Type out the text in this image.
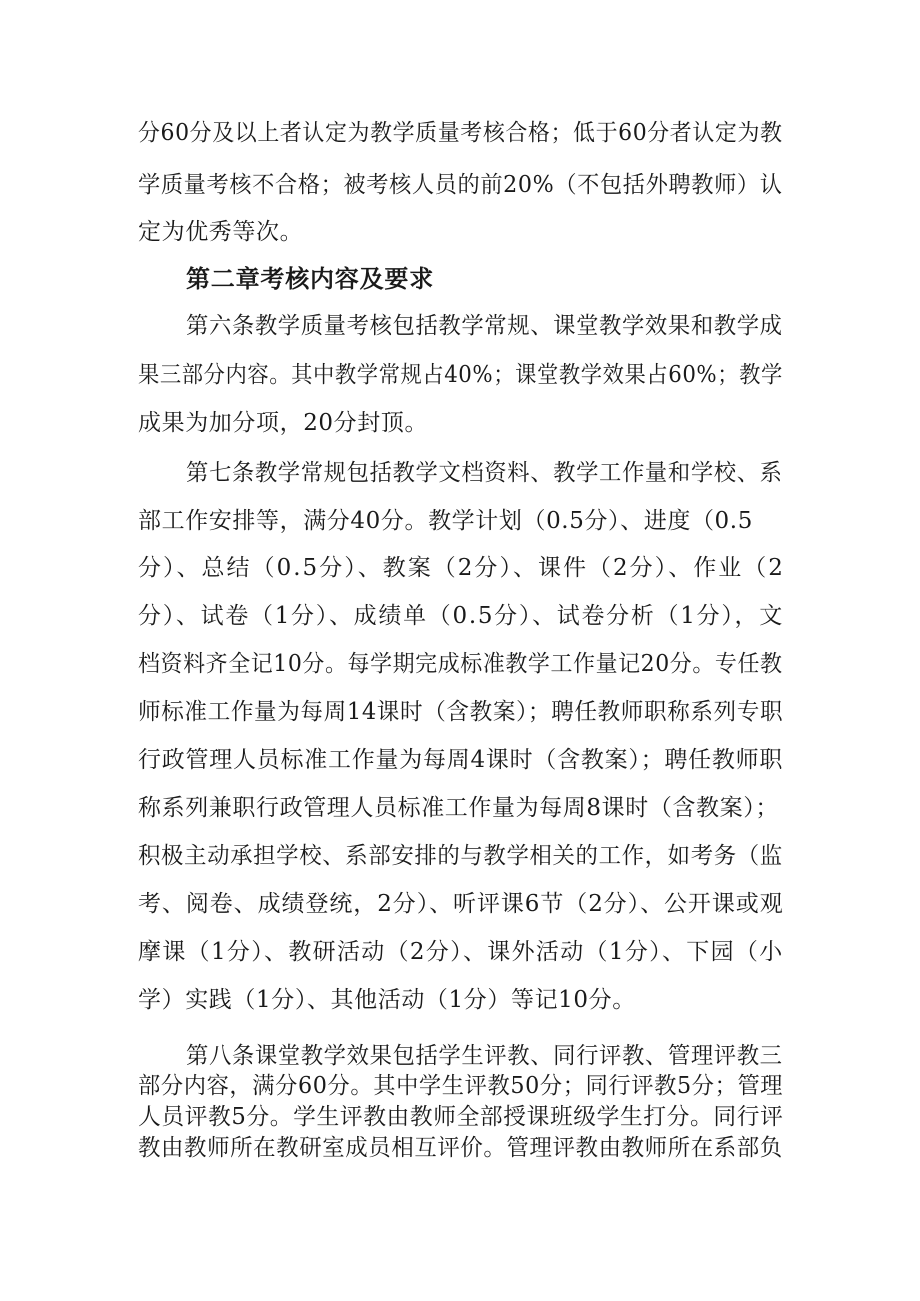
分60分及以上者认定为教学质量考核合格；低于60分者认定为教
学质量考核不合格；被考核人员的前20%（不包括外聘教师）认
定为优秀等次。
第二章考核内容及要求
第六条教学质量考核包括教学常规、课堂教学效果和教学成
果三部分内容。其中教学常规占40%；课堂教学效果占60%；教学
成果为加分项，20分封顶。
第七条教学常规包括教学文档资料、教学工作量和学校、系
部工作安排等，满分40分。教学计划（0.5分）、进度（0.5
分）、总结（0.5分）、教案（2分）、课件（2分）、作业（2
分）、试卷（1分）、成绩单（0.5分）、试卷分析（1分），文
档资料齐全记10分。每学期完成标准教学工作量记20分。专任教
师标准工作量为每周14课时（含教案）；聘任教师职称系列专职
行政管理人员标准工作量为每周4课时（含教案）；聘任教师职
称系列兼职行政管理人员标准工作量为每周8课时（含教案）；
积极主动承担学校、系部安排的与教学相关的工作，如考务（监
考、阅卷、成绩登统，2分）、听评课6节（2分）、公开课或观
摩课（1分）、教研活动（2分）、课外活动（1分）、下园（小
学）实践（1分）、其他活动（1分）等记10分。
第八条课堂教学效果包括学生评教、同行评教、管理评教三
部分内容，满分60分。其中学生评教50分；同行评教5分；管理
人员评教5分。学生评教由教师全部授课班级学生打分。同行评
教由教师所在教研室成员相互评价。管理评教由教师所在系部负
